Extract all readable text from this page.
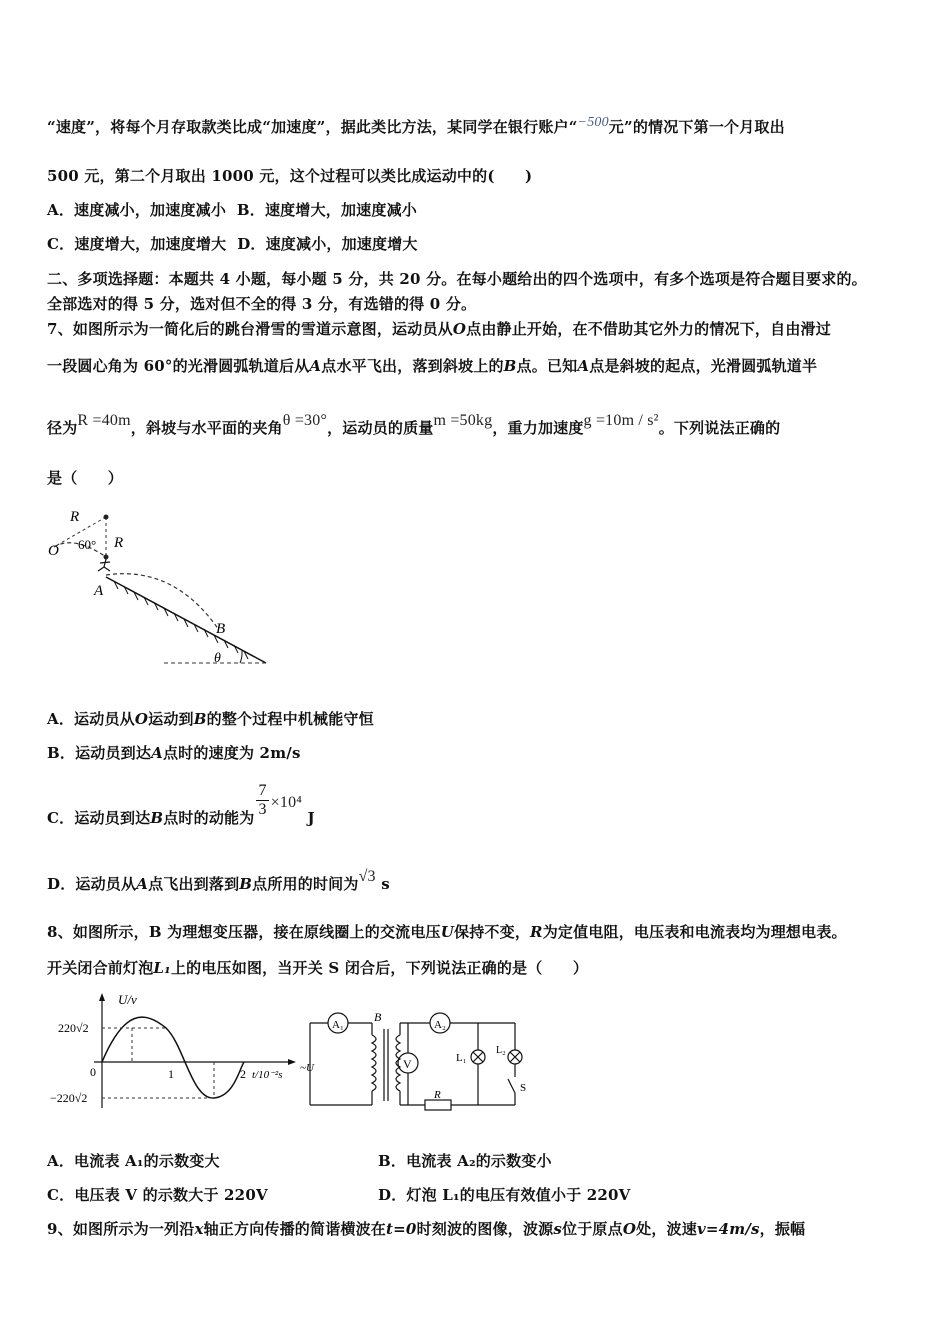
“速度”，将每个月存取款类比成“加速度”，据此类比方法，某同学在银行账户“−500元”的情况下第一个月取出
500 元，第二个月取出 1000 元，这个过程可以类比成运动中的(　　)
A．速度减小，加速度减小 B．速度增大，加速度减小
C．速度增大，加速度增大 D．速度减小，加速度增大
二、多项选择题：本题共 4 小题，每小题 5 分，共 20 分。在每小题给出的四个选项中，有多个选项是符合题目要求的。
全部选对的得 5 分，选对但不全的得 3 分，有选错的得 0 分。
7、如图所示为一简化后的跳台滑雪的雪道示意图，运动员从O点由静止开始，在不借助其它外力的情况下，自由滑过
一段圆心角为 60°的光滑圆弧轨道后从A点水平飞出，落到斜坡上的B点。已知A点是斜坡的起点，光滑圆弧轨道半
径为R =40m，斜坡与水平面的夹角θ =30°，运动员的质量m =50kg，重力加速度g =10m / s²。下列说法正确的
是（　　）
R
60° R
O
A
B
θ
A．运动员从O运动到B的整个过程中机械能守恒
B．运动员到达A点时的速度为 2m/s
C．运动员到达B点时的动能为 $\frac{7}{3} \times 10^4$ J
D．运动员从A点飞出到落到B点所用的时间为√3 s
8、如图所示，B 为理想变压器，接在原线圈上的交流电压U保持不变，R为定值电阻，电压表和电流表均为理想电表。
开关闭合前灯泡L₁上的电压如图，当开关 S 闭合后，下列说法正确的是（　　）
U/v
220√2
−220√2
0	1	2 t/10⁻²s
A₁	A₂
B
V
~U
L₁
L₂
R
S
A．电流表 A₁的示数变大	B．电流表 A₂的示数变小
C．电压表 V 的示数大于 220V	D．灯泡 L₁的电压有效值小于 220V
9、如图所示为一列沿x轴正方向传播的简谐横波在t=0时刻波的图像，波源s位于原点O处，波速v=4m/s，振幅
